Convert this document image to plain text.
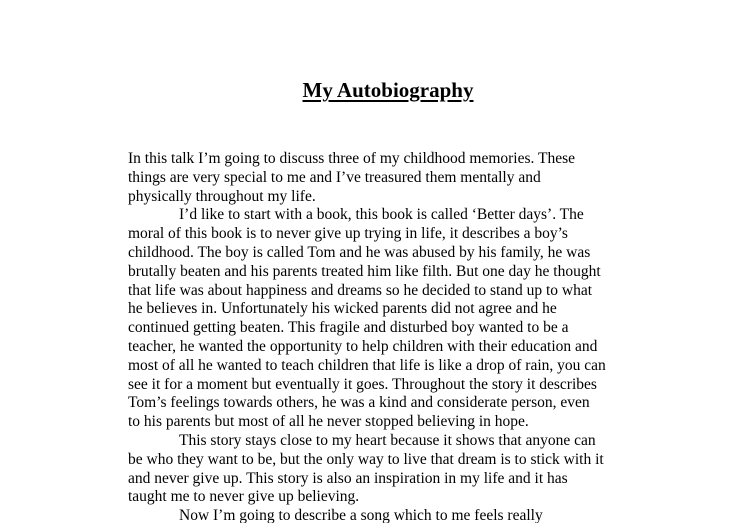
My Autobiography
In this talk I’m going to discuss three of my childhood memories. These
things are very special to me and I’ve treasured them mentally and
physically throughout my life.
I’d like to start with a book, this book is called ‘Better days’. The
moral of this book is to never give up trying in life, it describes a boy’s
childhood. The boy is called Tom and he was abused by his family, he was
brutally beaten and his parents treated him like filth. But one day he thought
that life was about happiness and dreams so he decided to stand up to what
he believes in. Unfortunately his wicked parents did not agree and he
continued getting beaten. This fragile and disturbed boy wanted to be a
teacher, he wanted the opportunity to help children with their education and
most of all he wanted to teach children that life is like a drop of rain, you can
see it for a moment but eventually it goes. Throughout the story it describes
Tom’s feelings towards others, he was a kind and considerate person, even
to his parents but most of all he never stopped believing in hope.
This story stays close to my heart because it shows that anyone can
be who they want to be, but the only way to live that dream is to stick with it
and never give up. This story is also an inspiration in my life and it has
taught me to never give up believing.
Now I’m going to describe a song which to me feels really
